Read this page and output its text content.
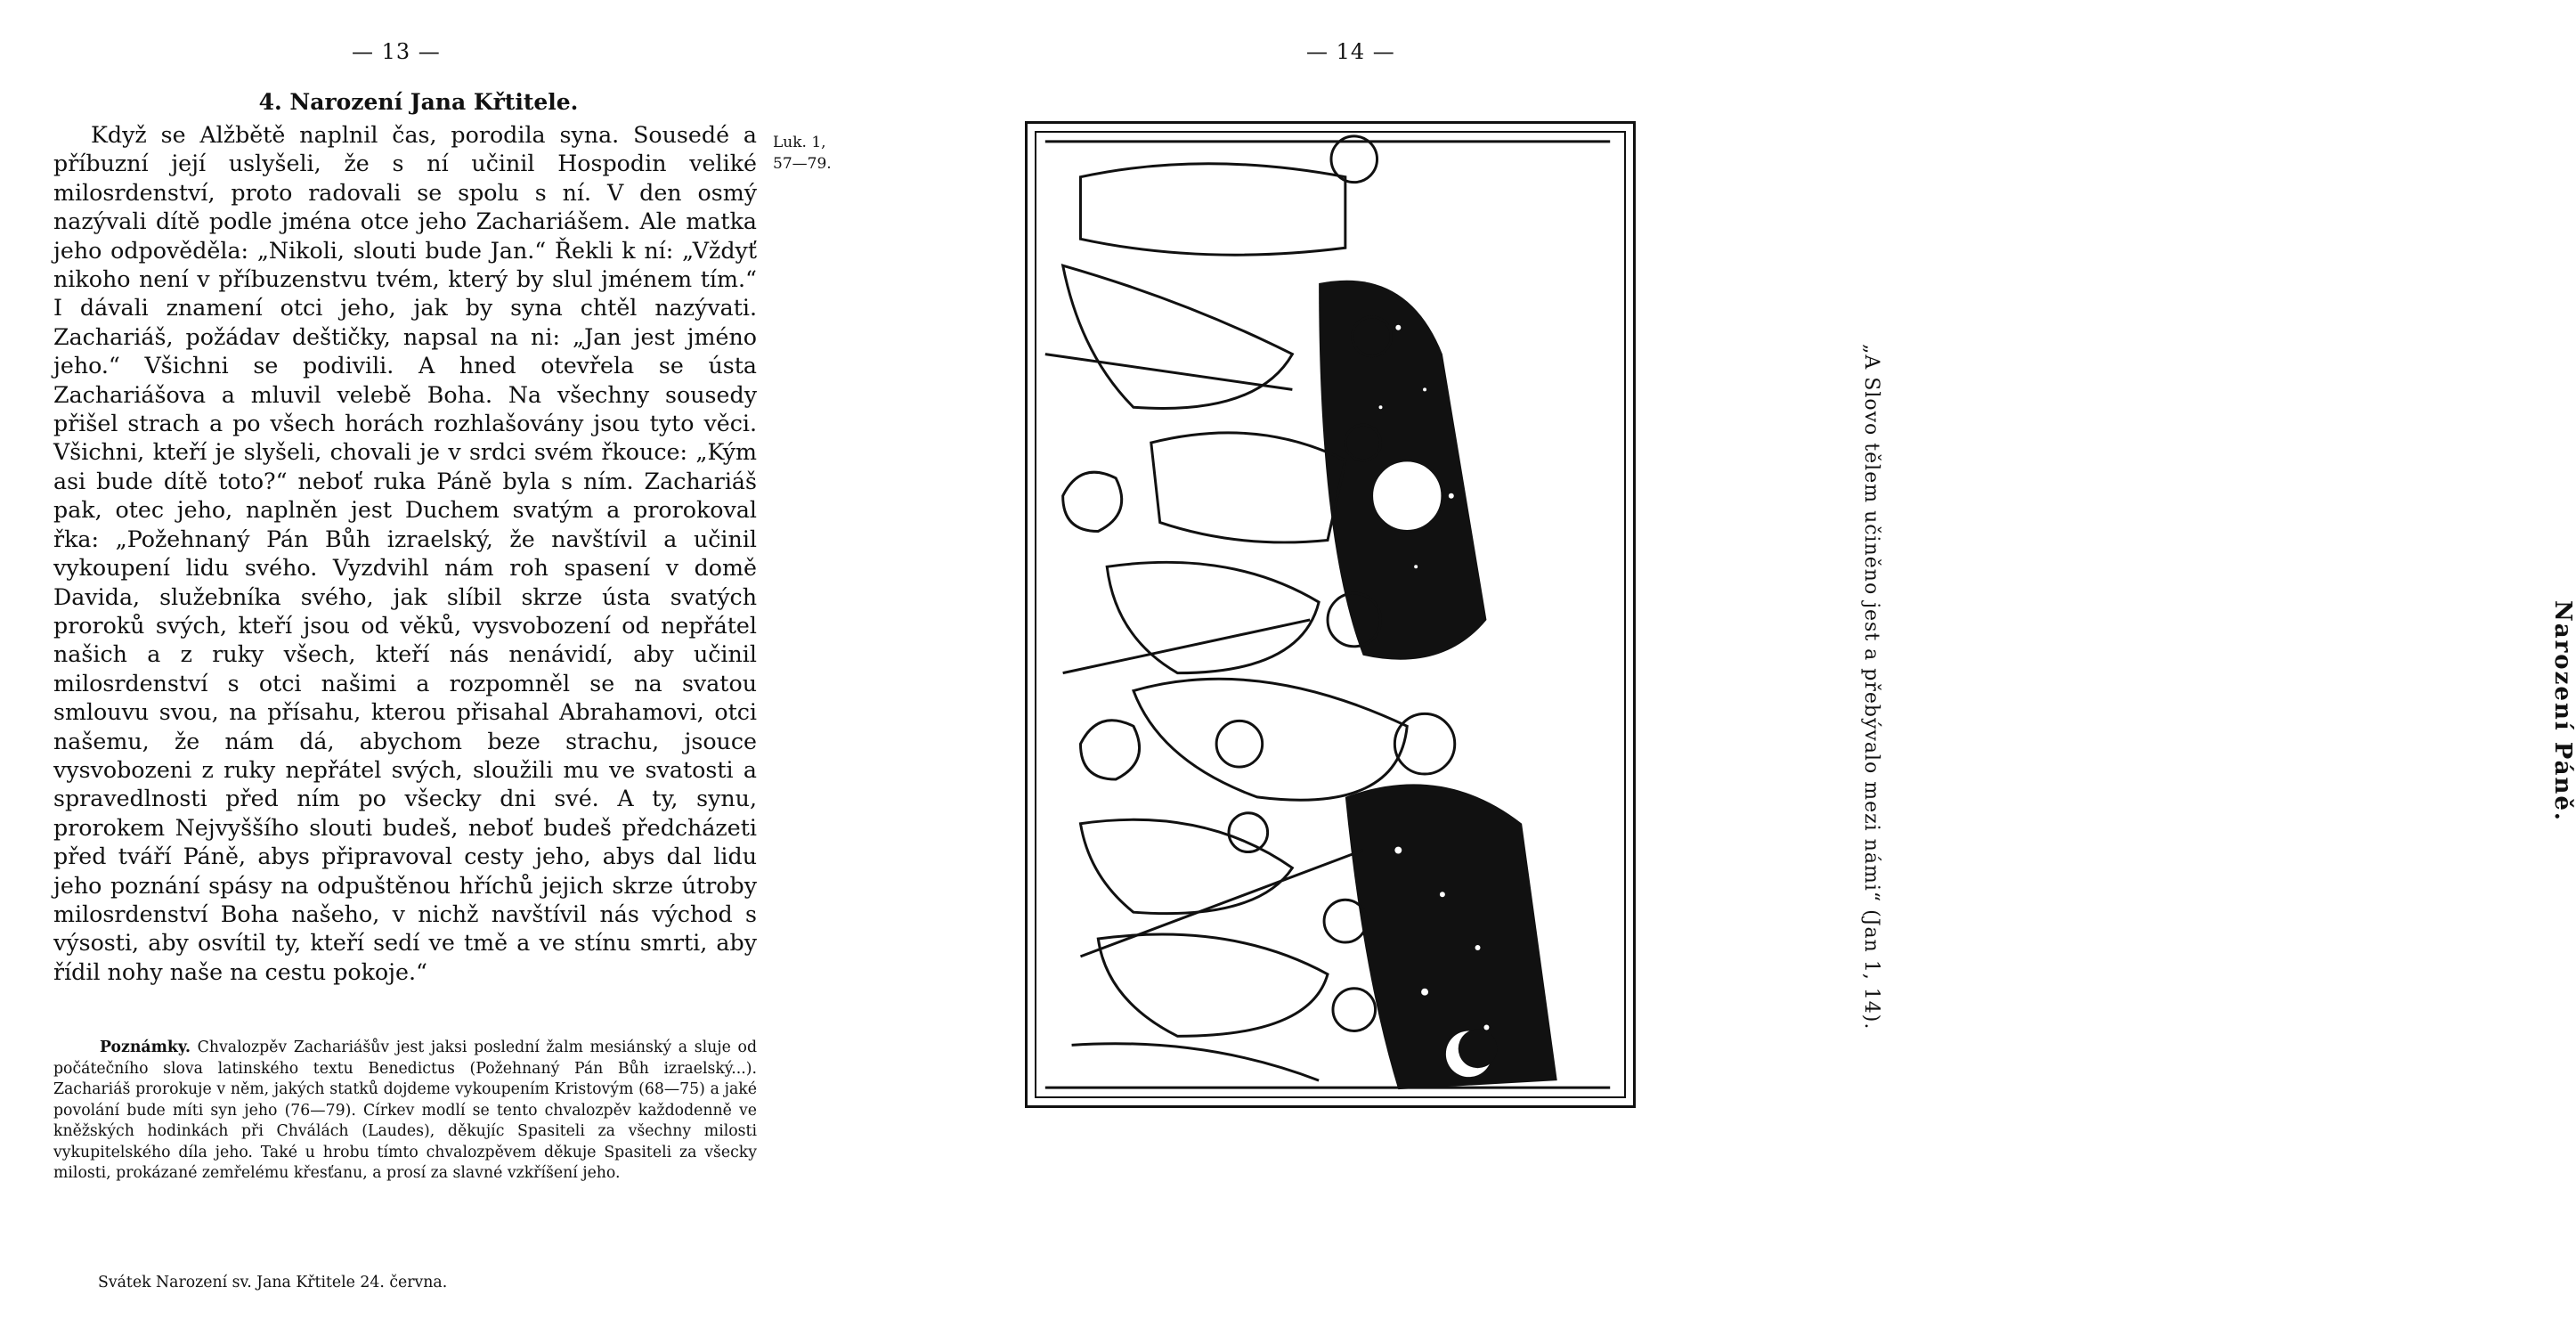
— 13 —
4. Narození Jana Křtitele.

Když se Alžbětě naplnil čas, porodila syna. Sousedé a příbuzní její uslyšeli, že s ní učinil Hospodin veliké milosrdenství, proto radovali se spolu s ní. V den osmý nazývali dítě podle jména otce jeho Zachariášem. Ale matka jeho odpověděla: „Nikoli, slouti bude Jan.“ Řekli k ní: „Vždyť nikoho není v příbuzenstvu tvém, který by slul jménem tím.“ I dávali znamení otci jeho, jak by syna chtěl nazývati. Zachariáš, požádav deštičky, napsal na ni: „Jan jest jméno jeho.“ Všichni se podivili. A hned otevřela se ústa Zachariášova a mluvil velebě Boha. Na všechny sousedy přišel strach a po všech horách rozhlašovány jsou tyto věci. Všichni, kteří je slyšeli, chovali je v srdci svém řkouce: „Kým asi bude dítě toto?“ neboť ruka Páně byla s ním. Zachariáš pak, otec jeho, naplněn jest Duchem svatým a prorokoval řka: „Požehnaný Pán Bůh izraelský, že navštívil a učinil vykoupení lidu svého. Vyzdvihl nám roh spasení v domě Davida, služebníka svého, jak slíbil skrze ústa svatých proroků svých, kteří jsou od věků, vysvobození od nepřátel našich a z ruky všech, kteří nás nenávidí, aby učinil milosrdenství s otci našimi a rozpomněl se na svatou smlouvu svou, na přísahu, kterou přisahal Abrahamovi, otci našemu, že nám dá, abychom beze strachu, jsouce vysvobozeni z ruky nepřátel svých, sloužili mu ve svatosti a spravedlnosti před ním po všecky dni své. A ty, synu, prorokem Nejvyššího slouti budeš, neboť budeš předcházeti před tváří Páně, abys připravoval cesty jeho, abys dal lidu jeho poznání spásy na odpuštěnou hříchů jejich skrze útroby milosrdenství Boha našeho, v nichž navštívil nás východ s výsosti, aby osvítil ty, kteří sedí ve tmě a ve stínu smrti, aby řídil nohy naše na cestu pokoje.“

Luk. 1,
57—79.

Poznámky. Chvalozpěv Zachariášův jest jaksi poslední žalm mesiánský a sluje od počátečního slova latinského textu Benedictus (Požehnaný Pán Bůh izraelský...). Zachariáš prorokuje v něm, jakých statků dojdeme vykoupením Kristovým (68—75) a jaké povolání bude míti syn jeho (76—79). Církev modlí se tento chvalozpěv každodenně ve kněžských hodinkách při Chválách (Laudes), děkujíc Spasiteli za všechny milosti vykupitelského díla jeho. Také u hrobu tímto chvalozpěvem děkuje Spasiteli za všecky milosti, prokázané zemřelému křesťanu, a prosí za slavné vzkříšení jeho.

Svátek Narození sv. Jana Křtitele 24. června.
— 14 —
„A Slovo tělem učiněno jest a přebývalo mezi námi“ (Jan 1, 14).	Narození Páně.
